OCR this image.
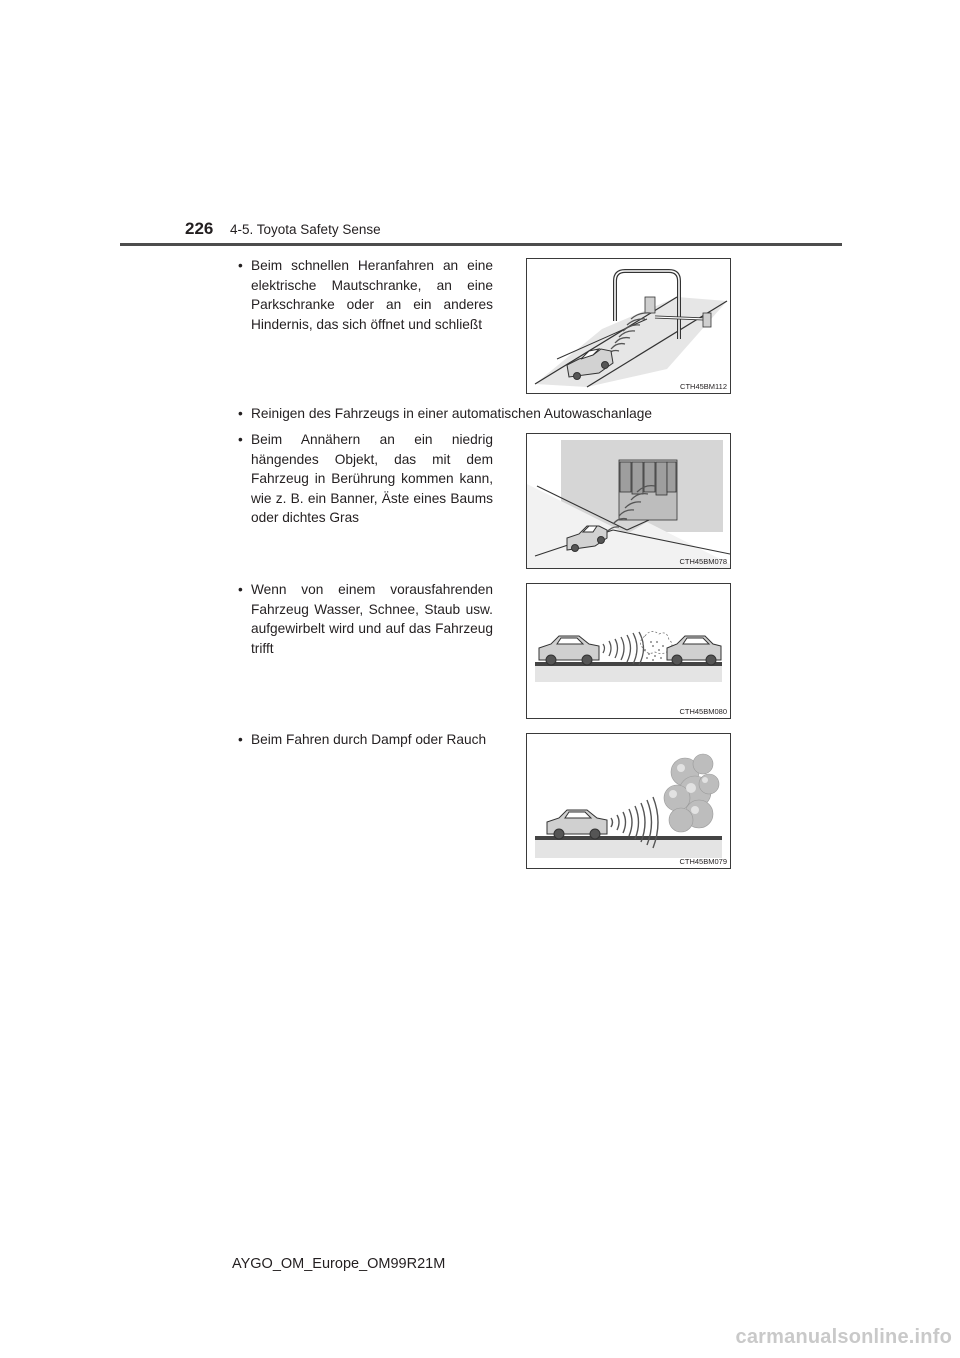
226 4-5. Toyota Safety Sense
• Beim schnellen Heranfahren an eine elektrische Mautschranke, an eine Parkschranke oder an ein anderes Hindernis, das sich öffnet und schließt
CTH45BM112
• Reinigen des Fahrzeugs in einer automatischen Autowaschanlage
• Beim Annähern an ein niedrig hängendes Objekt, das mit dem Fahrzeug in Berührung kommen kann, wie z. B. ein Banner, Äste eines Baums oder dichtes Gras
CTH45BM078
• Wenn von einem vorausfahrenden Fahrzeug Wasser, Schnee, Staub usw. aufgewirbelt wird und auf das Fahrzeug trifft
CTH45BM080
• Beim Fahren durch Dampf oder Rauch
CTH45BM079
AYGO_OM_Europe_OM99R21M
carmanualsonline.info
